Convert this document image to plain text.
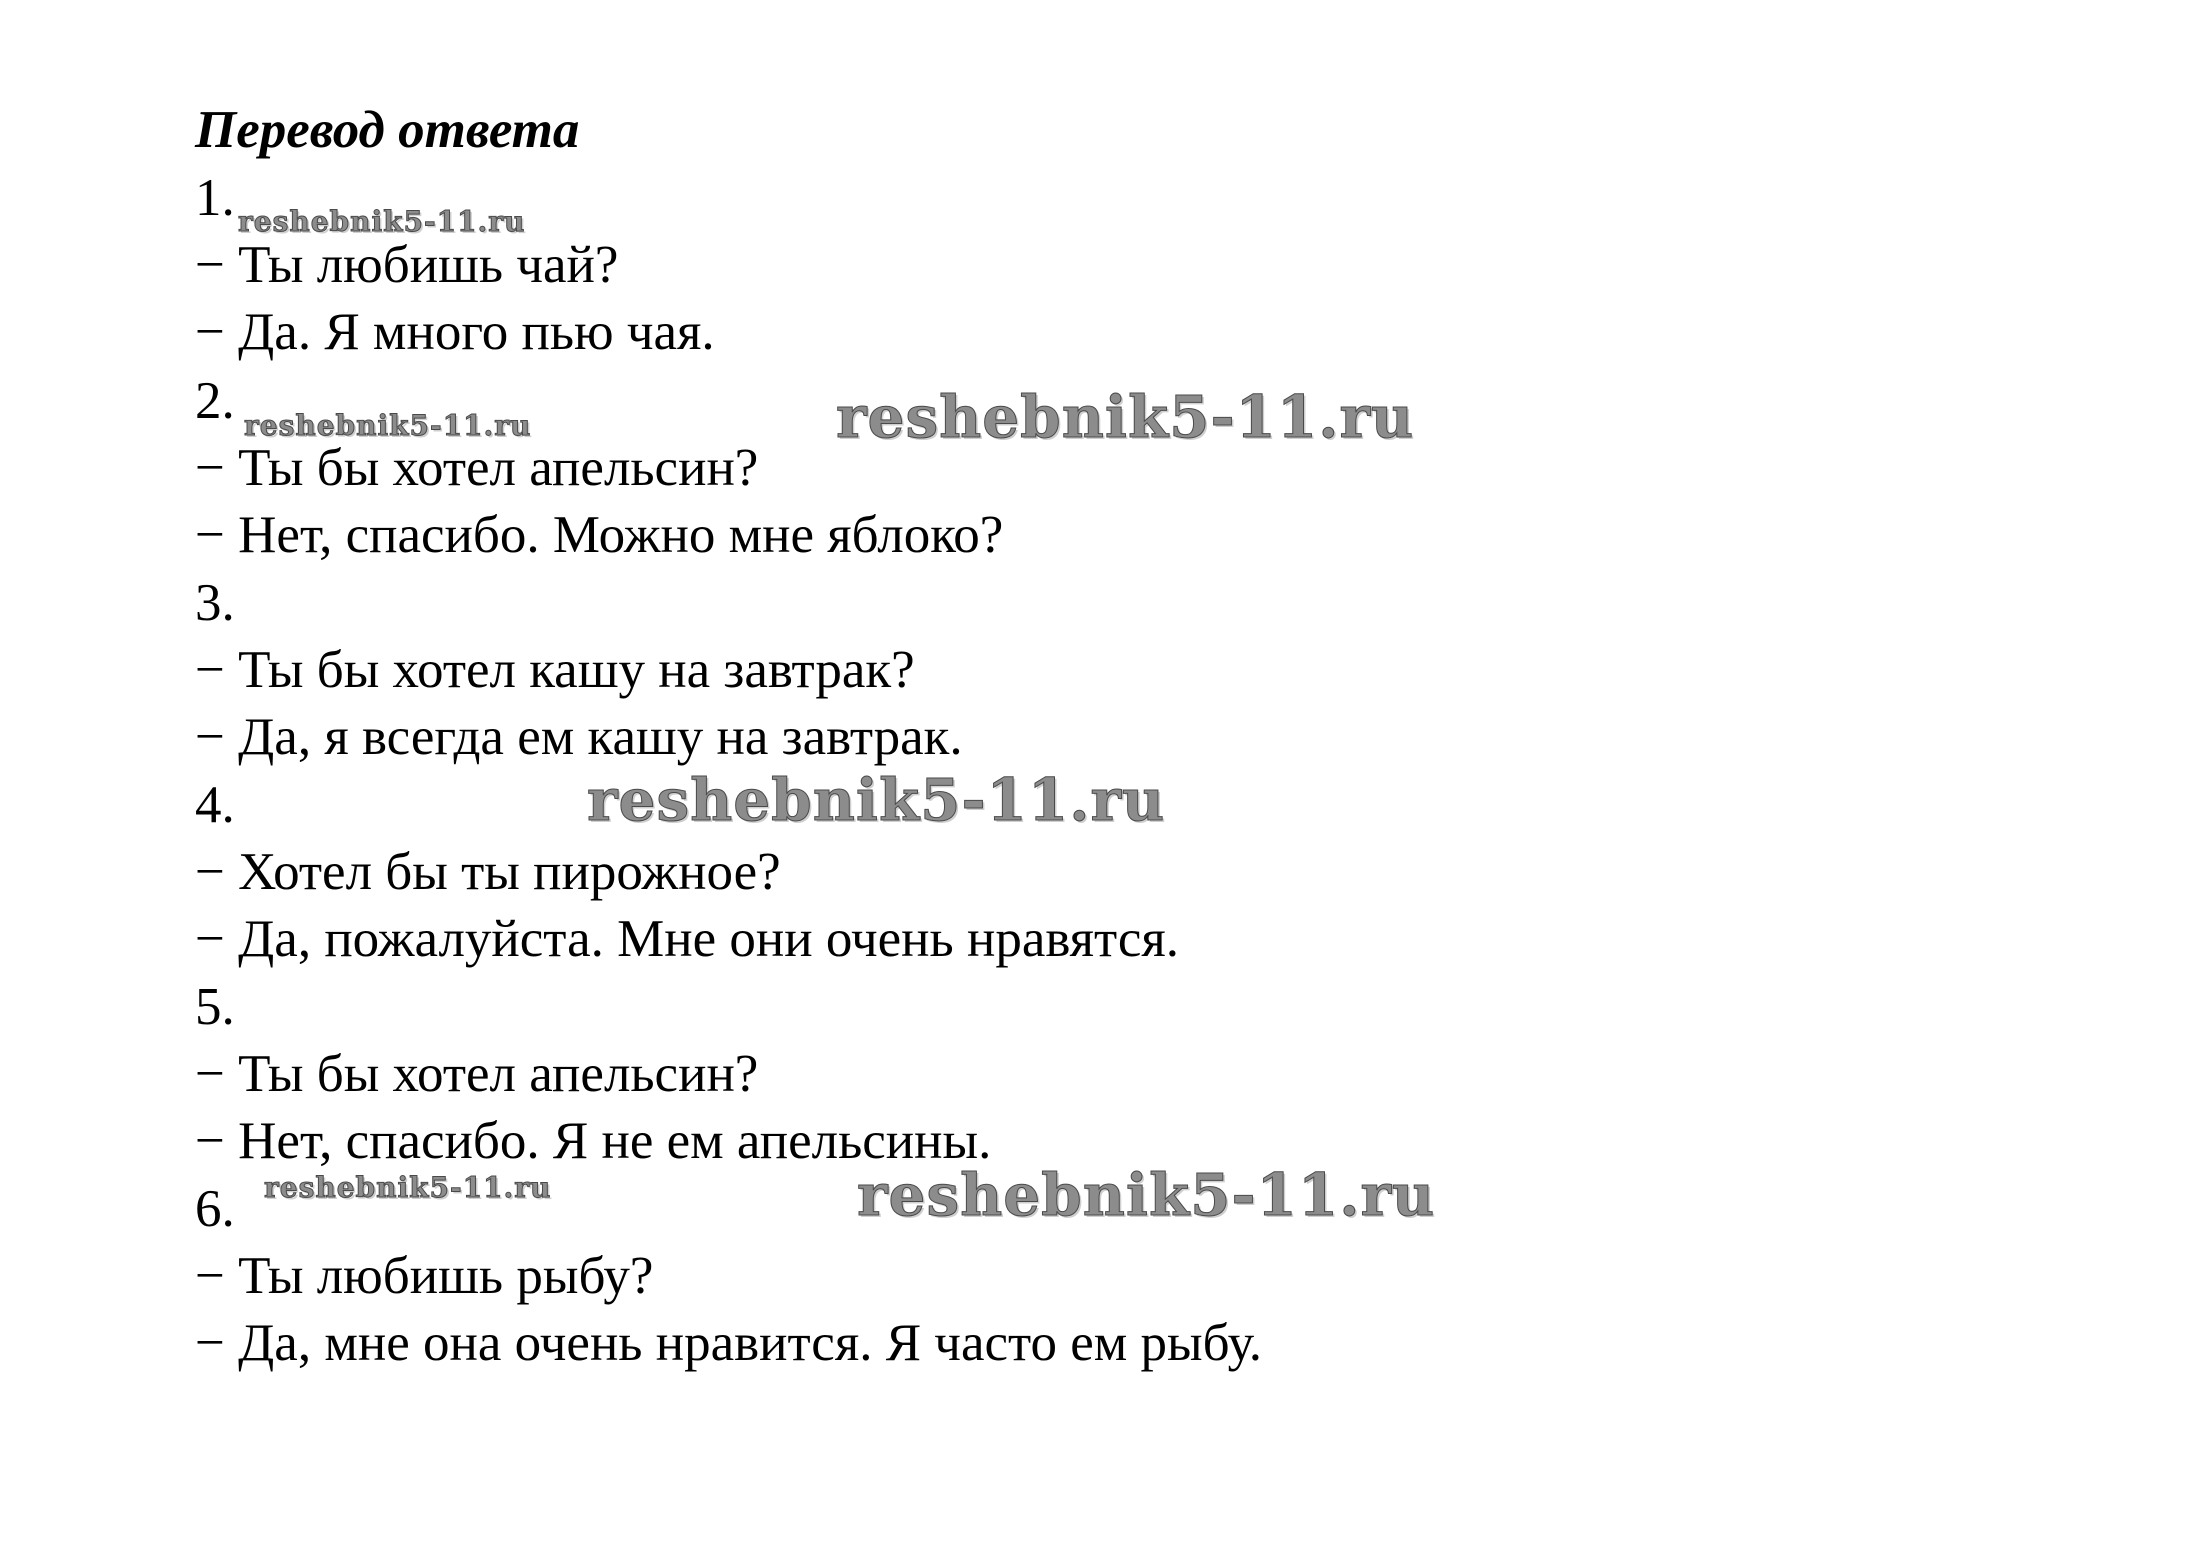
Перевод ответа
1.
− Ты любишь чай?
− Да. Я много пью чая.
2.
− Ты бы хотел апельсин?
− Нет, спасибо. Можно мне яблоко?
3.
− Ты бы хотел кашу на завтрак?
− Да, я всегда ем кашу на завтрак.
4.
− Хотел бы ты пирожное?
− Да, пожалуйста. Мне они очень нравятся.
5.
− Ты бы хотел апельсин?
− Нет, спасибо. Я не ем апельсины.
6.
− Ты любишь рыбу?
− Да, мне она очень нравится. Я часто ем рыбу.
reshebnik5-11.ru
reshebnik5-11.ru	reshebnik5-11.ru
reshebnik5-11.ru
reshebnik5-11.ru	reshebnik5-11.ru
